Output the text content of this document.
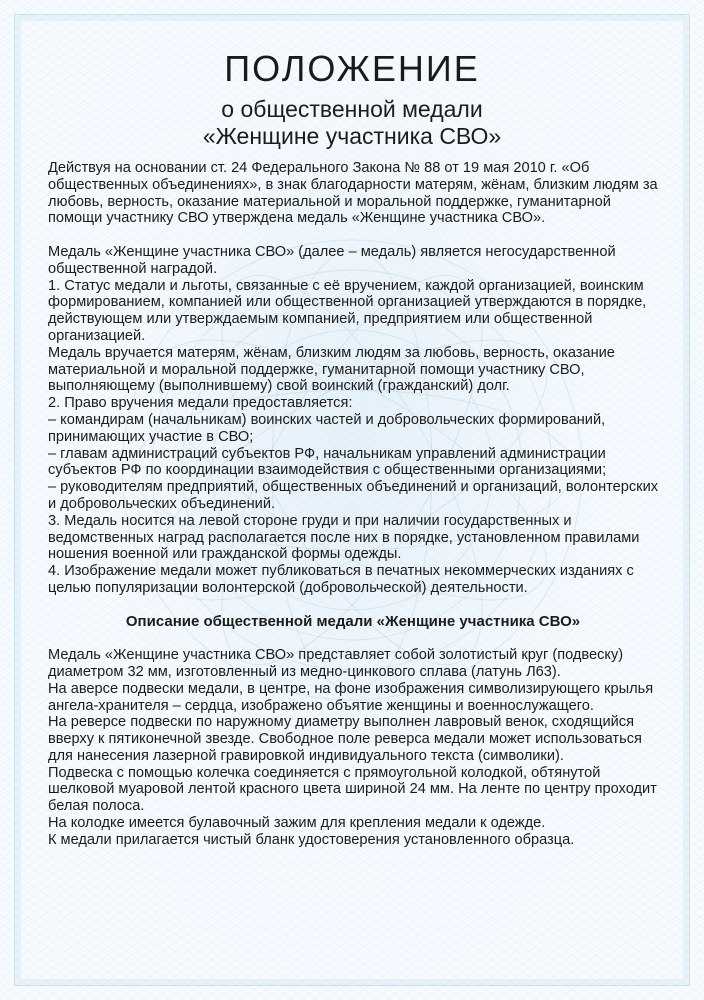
ПОЛОЖЕНИЕ
о общественной медали
«Женщине участника СВО»

Действуя на основании ст. 24 Федерального Закона № 88 от 19 мая 2010 г. «Об общественных объединениях», в знак благодарности матерям, жёнам, близким людям за любовь, верность, оказание материальной и моральной поддержке, гуманитарной помощи участнику СВО утверждена медаль «Женщине участника СВО».

Медаль «Женщине участника СВО» (далее – медаль) является негосударственной общественной наградой.

1. Статус медали и льготы, связанные с её вручением, каждой организацией, воинским формированием, компанией или общественной организацией утверждаются в порядке, действующем или утверждаемым компанией, предприятием или общественной организацией.

Медаль вручается матерям, жёнам, близким людям за любовь, верность, оказание материальной и моральной поддержке, гуманитарной помощи участнику СВО, выполняющему (выполнившему) свой воинский (гражданский) долг.

2. Право вручения медали предоставляется:

– командирам (начальникам) воинских частей и добровольческих формирований, принимающих участие в СВО;

– главам администраций субъектов РФ, начальникам управлений администрации субъектов РФ по координации взаимодействия с общественными организациями;

– руководителям предприятий, общественных объединений и организаций, волонтерских и добровольческих объединений.

3. Медаль носится на левой стороне груди и при наличии государственных и ведомственных наград располагается после них в порядке, установленном правилами ношения военной или гражданской формы одежды.

4. Изображение медали может публиковаться в печатных некоммерческих изданиях с целью популяризации волонтерской (добровольческой) деятельности.

Описание общественной медали «Женщине участника СВО»

Медаль «Женщине участника СВО» представляет собой золотистый круг (подвеску) диаметром 32 мм, изготовленный из медно-цинкового сплава (латунь Л63).

На аверсе подвески медали, в центре, на фоне изображения символизирующего крылья ангела-хранителя – сердца, изображено объятие женщины и военнослужащего.

На реверсе подвески по наружному диаметру выполнен лавровый венок, сходящийся вверху к пятиконечной звезде. Свободное поле реверса медали может использоваться для нанесения лазерной гравировкой индивидуального текста (символики).

Подвеска с помощью колечка соединяется с прямоугольной колодкой, обтянутой шелковой муаровой лентой красного цвета шириной 24 мм. На ленте по центру проходит белая полоса.

На колодке имеется булавочный зажим для крепления медали к одежде.

К медали прилагается чистый бланк удостоверения установленного образца.
